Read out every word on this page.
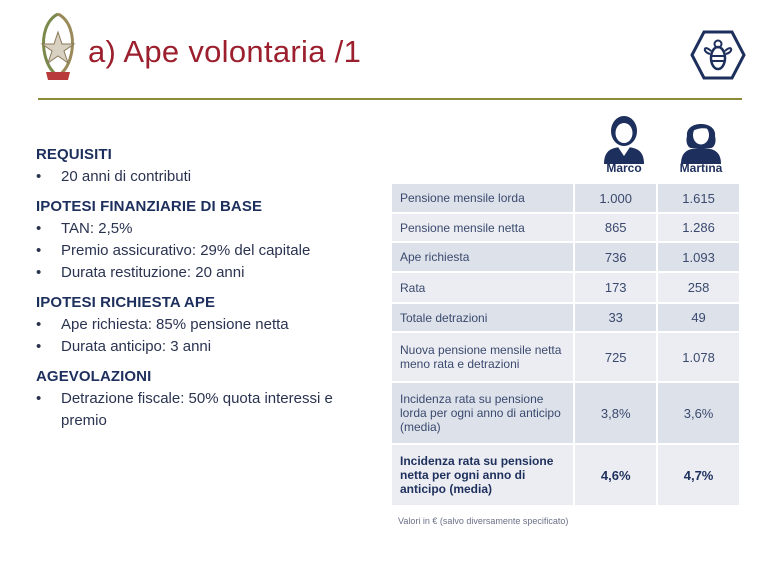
a) Ape volontaria /1

REQUISITI

• 20 anni di contributi

IPOTESI FINANZIARIE DI BASE

• TAN: 2,5%
• Premio assicurativo: 29% del capitale
• Durata restituzione: 20 anni

IPOTESI RICHIESTA APE

• Ape richiesta: 85% pensione netta
• Durata anticipo: 3 anni

AGEVOLAZIONI

• Detrazione fiscale: 50% quota interessi e premio
Marco	Martina
Pensione mensile lorda	1.000	1.615
Pensione mensile netta	865	1.286
Ape richiesta	736	1.093
Rata	173	258
Totale detrazioni	33	49
Nuova pensione mensile netta meno rata e detrazioni	725	1.078
Incidenza rata su pensione lorda per ogni anno di anticipo (media)	3,8%	3,6%
Incidenza rata su pensione netta per ogni anno di anticipo (media)	4,6%	4,7%
Valori in € (salvo diversamente specificato)
